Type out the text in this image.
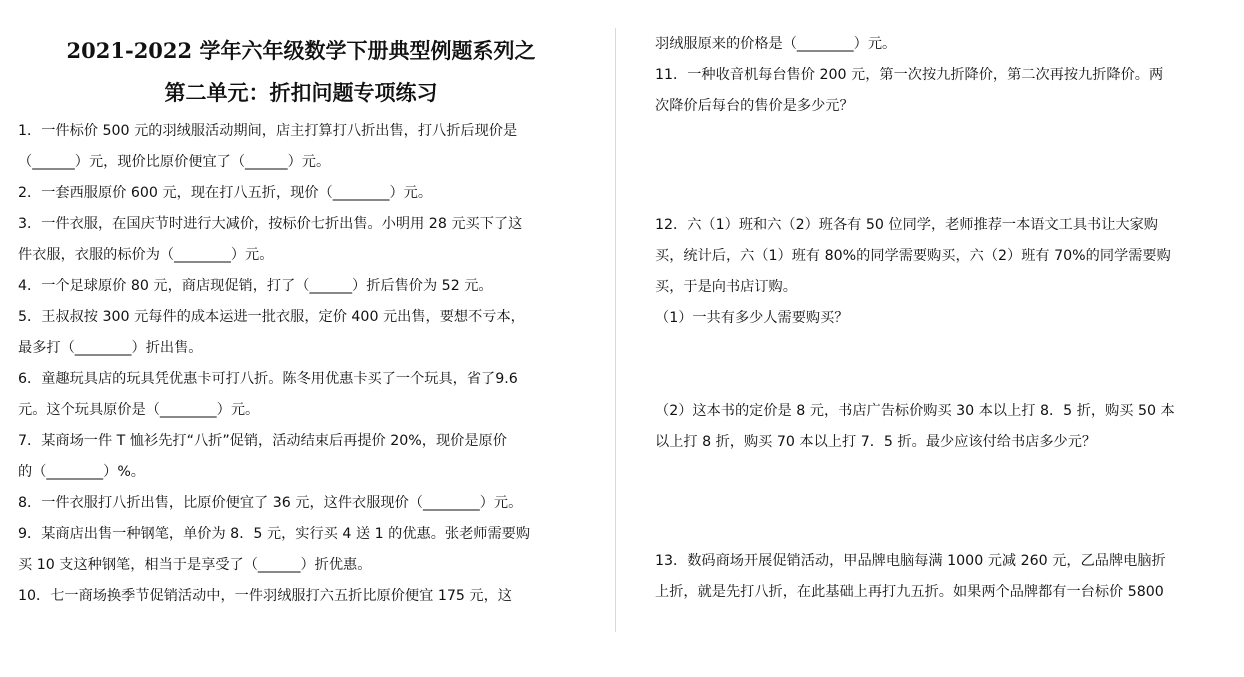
2021-2022 学年六年级数学下册典型例题系列之
第二单元：折扣问题专项练习
1．一件标价 500 元的羽绒服活动期间，店主打算打八折出售，打八折后现价是
（______）元，现价比原价便宜了（______）元。
2．一套西服原价 600 元，现在打八五折，现价（________）元。
3．一件衣服，在国庆节时进行大减价，按标价七折出售。小明用 28 元买下了这
件衣服，衣服的标价为（________）元。
4．一个足球原价 80 元，商店现促销，打了（______）折后售价为 52 元。
5．王叔叔按 300 元每件的成本运进一批衣服，定价 400 元出售，要想不亏本，
最多打（________）折出售。
6．童趣玩具店的玩具凭优惠卡可打八折。陈冬用优惠卡买了一个玩具，省了9.6
元。这个玩具原价是（________）元。
7．某商场一件 T 恤衫先打“八折”促销，活动结束后再提价 20%，现价是原价
的（________）%。
8．一件衣服打八折出售，比原价便宜了 36 元，这件衣服现价（________）元。
9．某商店出售一种钢笔，单价为 8．5 元，实行买 4 送 1 的优惠。张老师需要购
买 10 支这种钢笔，相当于是享受了（______）折优惠。
10．七一商场换季节促销活动中，一件羽绒服打六五折比原价便宜 175 元，这
羽绒服原来的价格是（________）元。
11．一种收音机每台售价 200 元，第一次按九折降价，第二次再按九折降价。两
次降价后每台的售价是多少元？
12．六（1）班和六（2）班各有 50 位同学，老师推荐一本语文工具书让大家购
买，统计后，六（1）班有 80%的同学需要购买，六（2）班有 70%的同学需要购
买，于是向书店订购。
（1）一共有多少人需要购买？
（2）这本书的定价是 8 元，书店广告标价购买 30 本以上打 8．5 折，购买 50 本
以上打 8 折，购买 70 本以上打 7．5 折。最少应该付给书店多少元？
13．数码商场开展促销活动，甲品牌电脑每满 1000 元减 260 元，乙品牌电脑折
上折，就是先打八折，在此基础上再打九五折。如果两个品牌都有一台标价 5800
